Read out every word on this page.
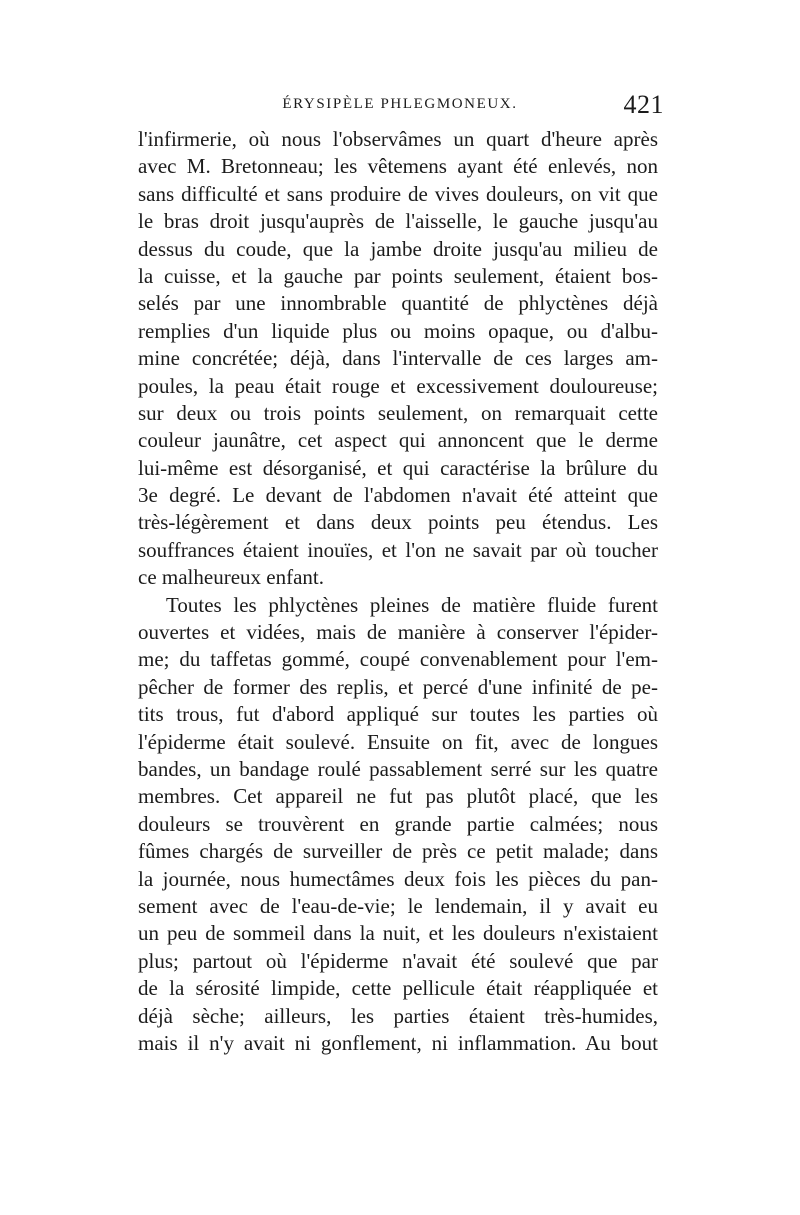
ÉRYSIPÈLE PHLEGMONEUX.	421
l'infirmerie, où nous l'observâmes un quart d'heure après
avec M. Bretonneau; les vêtemens ayant été enlevés, non
sans difficulté et sans produire de vives douleurs, on vit que
le bras droit jusqu'auprès de l'aisselle, le gauche jusqu'au
dessus du coude, que la jambe droite jusqu'au milieu de
la cuisse, et la gauche par points seulement, étaient bos-
selés par une innombrable quantité de phlyctènes déjà
remplies d'un liquide plus ou moins opaque, ou d'albu-
mine concrétée; déjà, dans l'intervalle de ces larges am-
poules, la peau était rouge et excessivement douloureuse;
sur deux ou trois points seulement, on remarquait cette
couleur jaunâtre, cet aspect qui annoncent que le derme
lui-même est désorganisé, et qui caractérise la brûlure du
3e degré. Le devant de l'abdomen n'avait été atteint que
très-légèrement et dans deux points peu étendus. Les
souffrances étaient inouïes, et l'on ne savait par où toucher
ce malheureux enfant.
Toutes les phlyctènes pleines de matière fluide furent
ouvertes et vidées, mais de manière à conserver l'épider-
me; du taffetas gommé, coupé convenablement pour l'em-
pêcher de former des replis, et percé d'une infinité de pe-
tits trous, fut d'abord appliqué sur toutes les parties où
l'épiderme était soulevé. Ensuite on fit, avec de longues
bandes, un bandage roulé passablement serré sur les quatre
membres. Cet appareil ne fut pas plutôt placé, que les
douleurs se trouvèrent en grande partie calmées; nous
fûmes chargés de surveiller de près ce petit malade; dans
la journée, nous humectâmes deux fois les pièces du pan-
sement avec de l'eau-de-vie; le lendemain, il y avait eu
un peu de sommeil dans la nuit, et les douleurs n'existaient
plus; partout où l'épiderme n'avait été soulevé que par
de la sérosité limpide, cette pellicule était réappliquée et
déjà sèche; ailleurs, les parties étaient très-humides,
mais il n'y avait ni gonflement, ni inflammation. Au bout
